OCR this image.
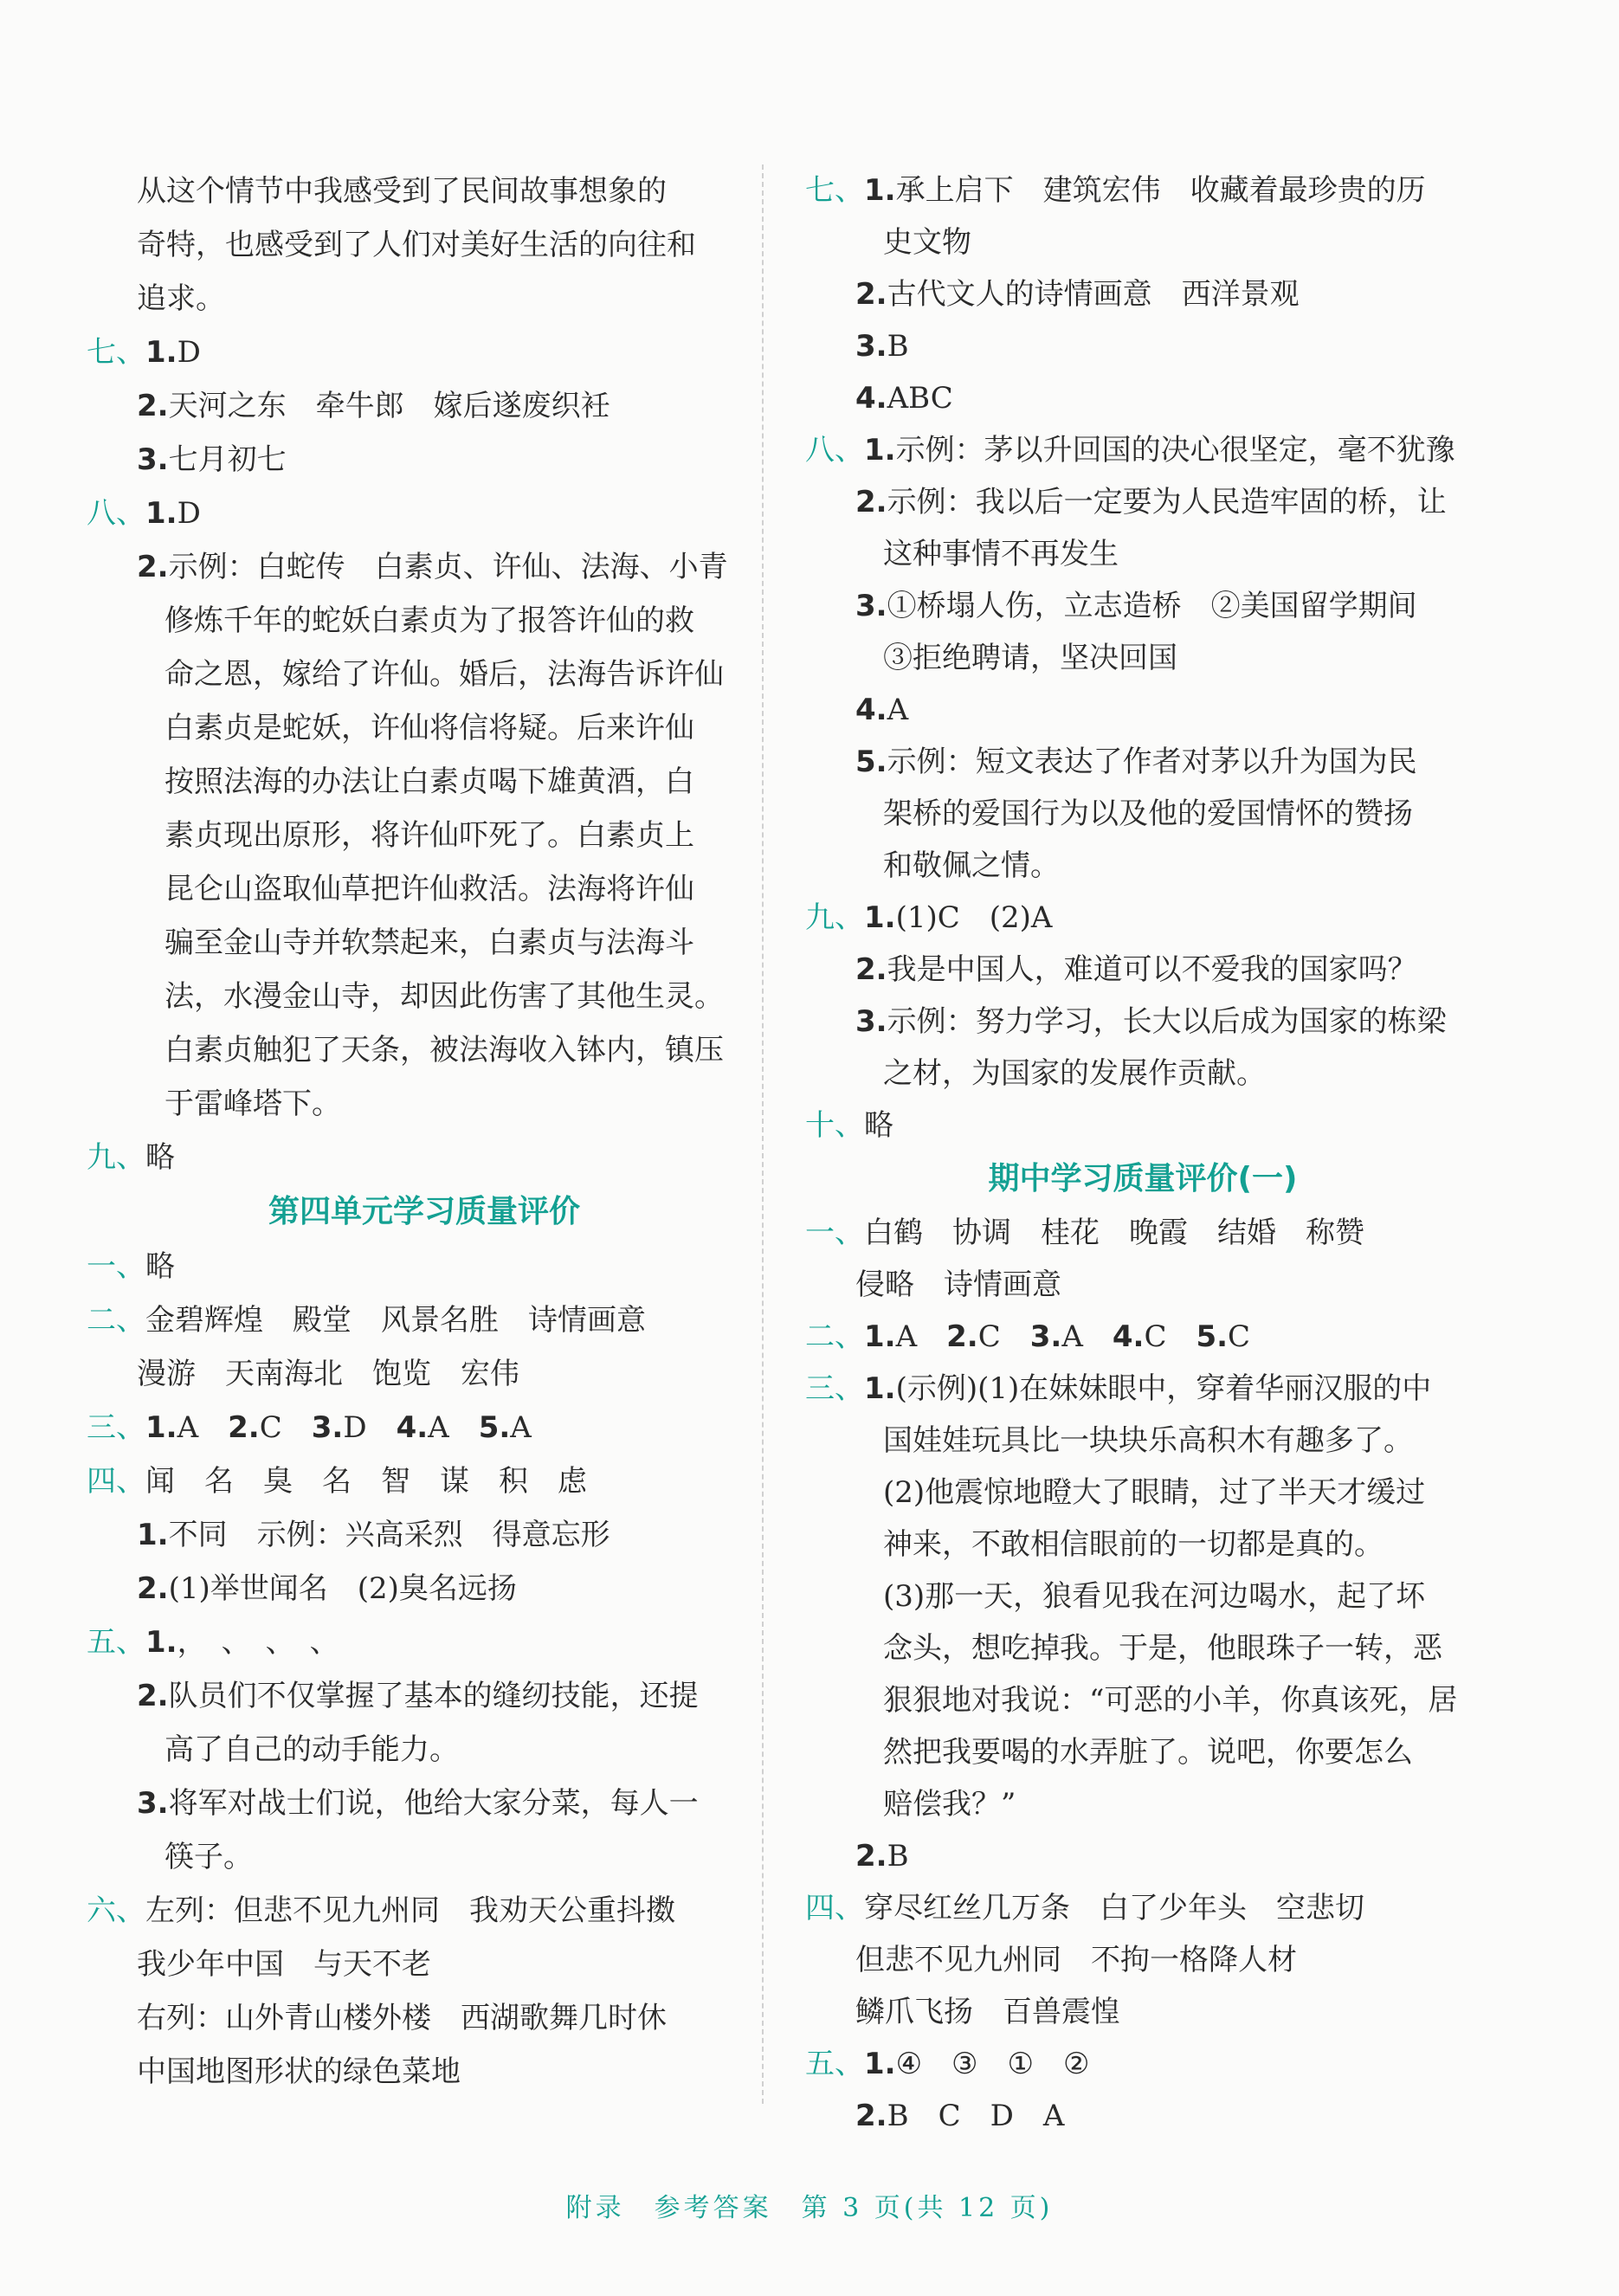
从这个情节中我感受到了民间故事想象的
奇特，也感受到了人们对美好生活的向往和
追求。
七、1.D
2.天河之东　牵牛郎　嫁后遂废织衽
3.七月初七
八、1.D
2.示例：白蛇传　白素贞、许仙、法海、小青
修炼千年的蛇妖白素贞为了报答许仙的救
命之恩，嫁给了许仙。婚后，法海告诉许仙
白素贞是蛇妖，许仙将信将疑。后来许仙
按照法海的办法让白素贞喝下雄黄酒，白
素贞现出原形，将许仙吓死了。白素贞上
昆仑山盗取仙草把许仙救活。法海将许仙
骗至金山寺并软禁起来，白素贞与法海斗
法，水漫金山寺，却因此伤害了其他生灵。
白素贞触犯了天条，被法海收入钵内，镇压
于雷峰塔下。
九、略
第四单元学习质量评价
一、略
二、金碧辉煌　殿堂　风景名胜　诗情画意
漫游　天南海北　饱览　宏伟
三、1.A　 2.C　 3.D　 4.A　 5.A
四、闻　名　臭　名　智　谋　积　虑
1.不同　示例：兴高采烈　得意忘形
2.(1)举世闻名　(2)臭名远扬
五、1.，　、　、　、
2.队员们不仅掌握了基本的缝纫技能，还提
高了自己的动手能力。
3.将军对战士们说，他给大家分菜，每人一
筷子。
六、左列：但悲不见九州同　我劝天公重抖擞
我少年中国　与天不老
右列：山外青山楼外楼　西湖歌舞几时休
中国地图形状的绿色菜地
七、1.承上启下　建筑宏伟　收藏着最珍贵的历
史文物
2.古代文人的诗情画意　西洋景观
3.B
4.ABC
八、1.示例：茅以升回国的决心很坚定，毫不犹豫
2.示例：我以后一定要为人民造牢固的桥，让
这种事情不再发生
3.①桥塌人伤，立志造桥　②美国留学期间
③拒绝聘请，坚决回国
4.A
5.示例：短文表达了作者对茅以升为国为民
架桥的爱国行为以及他的爱国情怀的赞扬
和敬佩之情。
九、1.(1)C　(2)A
2.我是中国人，难道可以不爱我的国家吗？
3.示例：努力学习，长大以后成为国家的栋梁
之材，为国家的发展作贡献。
十、略
期中学习质量评价(一)
一、白鹤　协调　桂花　晚霞　结婚　称赞
侵略　诗情画意
二、1.A　 2.C　 3.A　 4.C　 5.C
三、1.(示例)(1)在妹妹眼中，穿着华丽汉服的中
国娃娃玩具比一块块乐高积木有趣多了。
(2)他震惊地瞪大了眼睛，过了半天才缓过
神来，不敢相信眼前的一切都是真的。
(3)那一天，狼看见我在河边喝水，起了坏
念头，想吃掉我。于是，他眼珠子一转，恶
狠狠地对我说：“可恶的小羊，你真该死，居
然把我要喝的水弄脏了。说吧，你要怎么
赔偿我？”
2.B
四、穿尽红丝几万条　白了少年头　空悲切
但悲不见九州同　不拘一格降人材
鳞爪飞扬　百兽震惶
五、1.④　③　①　②
2.B　C　D　A
附录　参考答案　第 3 页(共 12 页)
